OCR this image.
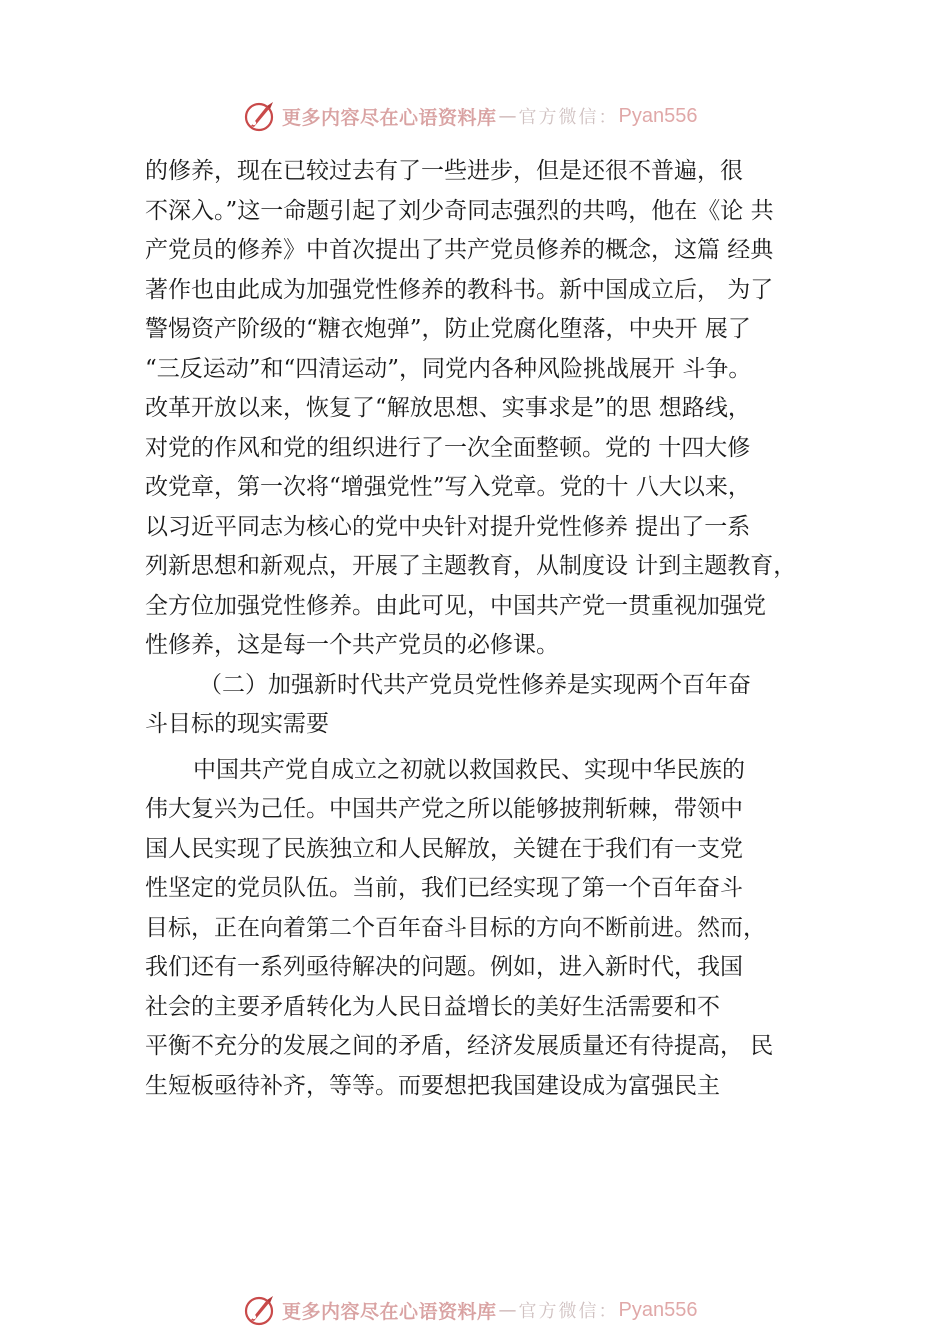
更多内容尽在心语资料库 — 官方微信： Pyan556
的修养，现在已较过去有了一些进步，但是还很不普遍，很
不深入。”这一命题引起了刘少奇同志强烈的共鸣，他在《论 共
产党员的修养》中首次提出了共产党员修养的概念，这篇 经典
著作也由此成为加强党性修养的教科书。新中国成立后， 为了
警惕资产阶级的“糖衣炮弹”，防止党腐化堕落，中央开 展了
“三反运动”和“四清运动”，同党内各种风险挑战展开 斗争。
改革开放以来，恢复了“解放思想、实事求是”的思 想路线，
对党的作风和党的组织进行了一次全面整顿。党的 十四大修
改党章，第一次将“增强党性”写入党章。党的十 八大以来，
以习近平同志为核心的党中央针对提升党性修养 提出了一系
列新思想和新观点，开展了主题教育，从制度设 计到主题教育，
全方位加强党性修养。由此可见，中国共产党一贯重视加强党
性修养，这是每一个共产党员的必修课。
（二）加强新时代共产党员党性修养是实现两个百年奋
斗目标的现实需要
中国共产党自成立之初就以救国救民、实现中华民族的
伟大复兴为己任。中国共产党之所以能够披荆斩棘，带领中
国人民实现了民族独立和人民解放，关键在于我们有一支党
性坚定的党员队伍。当前，我们已经实现了第一个百年奋斗
目标，正在向着第二个百年奋斗目标的方向不断前进。然而，
我们还有一系列亟待解决的问题。例如，进入新时代，我国
社会的主要矛盾转化为人民日益增长的美好生活需要和不
平衡不充分的发展之间的矛盾，经济发展质量还有待提高， 民
生短板亟待补齐，等等。而要想把我国建设成为富强民主
更多内容尽在心语资料库 — 官方微信： Pyan556
